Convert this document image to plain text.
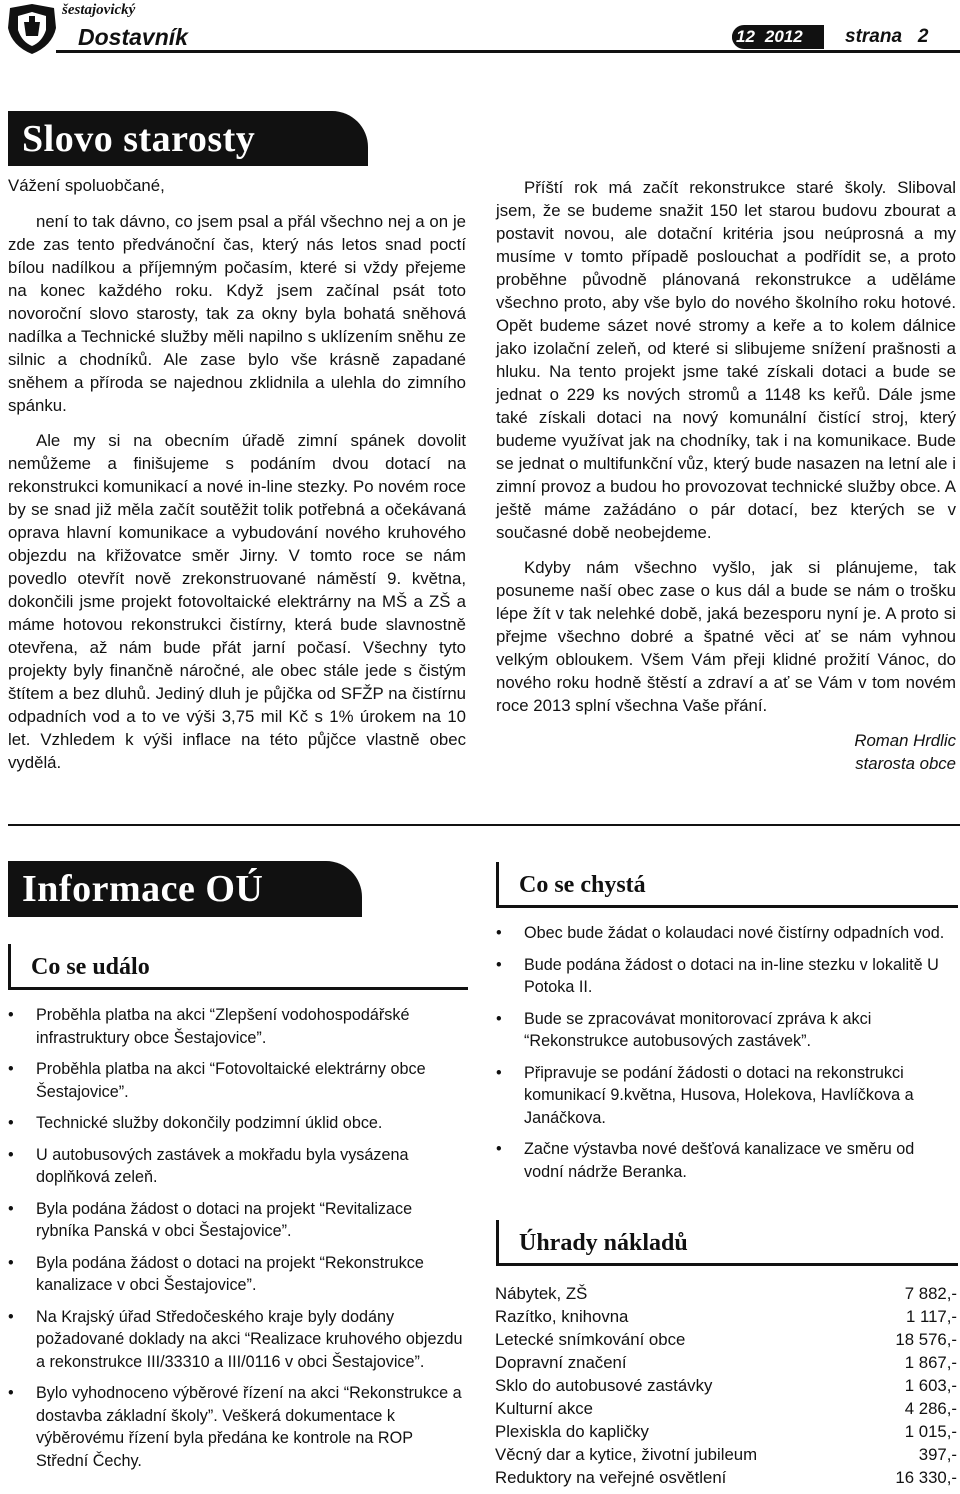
šestajovický
Dostavník	12 2012 strana 2
Slovo starosty
Vážení spoluobčané,

není to tak dávno, co jsem psal a přál všechno nej a on je zde zas tento předvánoční čas, který nás letos snad poctí bílou nadílkou a příjemným počasím, které si vždy přejeme na konec každého roku. Když jsem začínal psát toto novoroční slovo starosty, tak za okny byla bohatá sněhová nadílka a Technické služby měli napilno s uklízením sněhu ze silnic a chodníků. Ale zase bylo vše krásně zapadané sněhem a příroda se najednou zklidnila a ulehla do zimního spánku.

Ale my si na obecním úřadě zimní spánek dovolit nemůžeme a finišujeme s podáním dvou dotací na rekonstrukci komunikací a nové in-line stezky. Po novém roce by se snad již měla začít soutěžit tolik potřebná a očekávaná oprava hlavní komunikace a vybudování nového kruhového objezdu na křižovatce směr Jirny. V tomto roce se nám povedlo otevřít nově zrekonstruované náměstí 9. května, dokončili jsme projekt fotovoltaické elektrárny na MŠ a ZŠ a máme hotovou rekonstrukci čistírny, která bude slavnostně otevřena, až nám bude přát jarní počasí. Všechny tyto projekty byly finančně náročné, ale obec stále jede s čistým štítem a bez dluhů. Jediný dluh je půjčka od SFŽP na čistírnu odpadních vod a to ve výši 3,75 mil Kč s 1% úrokem na 10 let. Vzhledem k výši inflace na této půjčce vlastně obec vydělá.

Příští rok má začít rekonstrukce staré školy. Sliboval jsem, že se budeme snažit 150 let starou budovu zbourat a postavit novou, ale dotační kritéria jsou neúprosná a my musíme v tomto případě poslouchat a podřídit se, a proto proběhne původně plánovaná rekonstrukce a uděláme všechno proto, aby vše bylo do nového školního roku hotové. Opět budeme sázet nové stromy a keře a to kolem dálnice jako izolační zeleň, od které si slibujeme snížení prašnosti a hluku. Na tento projekt jsme také získali dotaci a bude se jednat o 229 ks nových stromů a 1148 ks keřů. Dále jsme také získali dotaci na nový komunální čistící stroj, který budeme využívat jak na chodníky, tak i na komunikace. Bude se jednat o multifunkční vůz, který bude nasazen na letní ale i zimní provoz a budou ho provozovat technické služby obce. A ještě máme zažádáno o pár dotací, bez kterých se v současné době neobejdeme.

Kdyby nám všechno vyšlo, jak si plánujeme, tak posuneme naší obec zase o kus dál a bude se nám o trošku lépe žít v tak nelehké době, jaká bezesporu nyní je. A proto si přejme všechno dobré a špatné věci ať se nám vyhnou velkým obloukem. Všem Vám přeji klidné prožití Vánoc, do nového roku hodně štěstí a zdraví a ať se Vám v tom novém roce 2013 splní všechna Vaše přání.

Roman Hrdlic
starosta obce
Informace OÚ
Co se událo
• Proběhla platba na akci “Zlepšení vodohospodářské infrastruktury obce Šestajovice”.
• Proběhla platba na akci “Fotovoltaické elektrárny obce Šestajovice”.
• Technické služby dokončily podzimní úklid obce.
• U autobusových zastávek a mokřadu byla vysázena doplňková zeleň.
• Byla podána žádost o dotaci na projekt “Revitalizace rybníka Panská v obci Šestajovice”.
• Byla podána žádost o dotaci na projekt “Rekonstrukce kanalizace v obci Šestajovice”.
• Na Krajský úřad Středočeského kraje byly dodány požadované doklady na akci “Realizace kruhového objezdu a rekonstrukce III/33310 a III/0116 v obci Šestajovice”.
• Bylo vyhodnoceno výběrové řízení na akci “Rekonstrukce a dostavba základní školy”. Veškerá dokumentace k výběrovému řízení byla předána ke kontrole na ROP Střední Čechy.
Co se chystá
• Obec bude žádat o kolaudaci nové čistírny odpadních vod.
• Bude podána žádost o dotaci na in-line stezku v lokalitě U Potoka II.
• Bude se zpracovávat monitorovací zpráva k akci “Rekonstrukce autobusových zastávek”.
• Připravuje se podání žádosti o dotaci na rekonstrukci komunikací 9.května, Husova, Holekova, Havlíčkova a Janáčkova.
• Začne výstavba nové dešťová kanalizace ve směru od vodní nádrže Beranka.
Úhrady nákladů
Nábytek, ZŠ	7 882,-
Razítko, knihovna	1 117,-
Letecké snímkování obce	18 576,-
Dopravní značení	1 867,-
Sklo do autobusové zastávky	1 603,-
Kulturní akce	4 286,-
Plexiskla do kapličky	1 015,-
Věcný dar a kytice, životní jubileum	397,-
Reduktory na veřejné osvětlení	16 330,-
